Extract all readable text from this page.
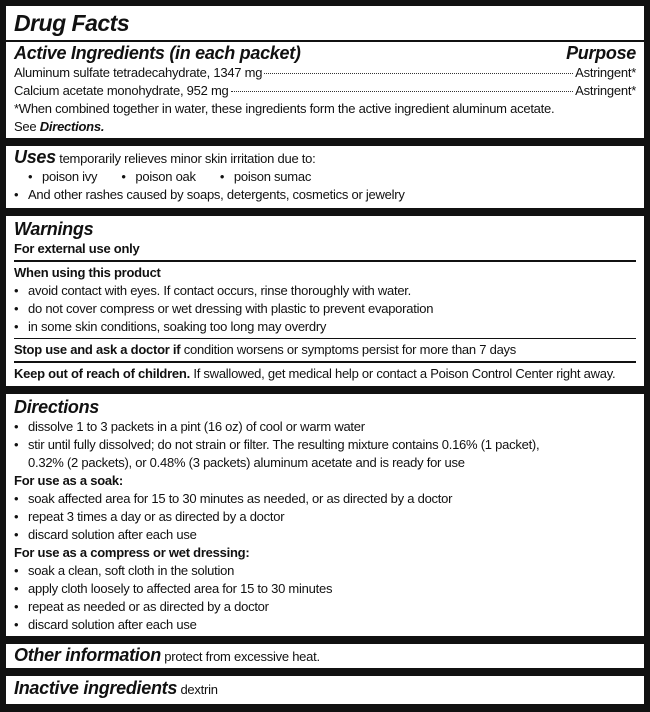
Drug Facts
Active Ingredients (in each packet)	Purpose
Aluminum sulfate tetradecahydrate, 1347 mg	Astringent*
Calcium acetate monohydrate, 952 mg	Astringent*
*When combined together in water, these ingredients form the active ingredient aluminum acetate.
See Directions.
Uses temporarily relieves minor skin irritation due to:
• poison ivy	• poison oak	• poison sumac
• And other rashes caused by soaps, detergents, cosmetics or jewelry
Warnings
For external use only
When using this product
• avoid contact with eyes. If contact occurs, rinse thoroughly with water.
• do not cover compress or wet dressing with plastic to prevent evaporation
• in some skin conditions, soaking too long may overdry
Stop use and ask a doctor if condition worsens or symptoms persist for more than 7 days
Keep out of reach of children. If swallowed, get medical help or contact a Poison Control Center right away.
Directions
• dissolve 1 to 3 packets in a pint (16 oz) of cool or warm water
• stir until fully dissolved; do not strain or filter. The resulting mixture contains 0.16% (1 packet), 0.32% (2 packets), or 0.48% (3 packets) aluminum acetate and is ready for use
For use as a soak:
• soak affected area for 15 to 30 minutes as needed, or as directed by a doctor
• repeat 3 times a day or as directed by a doctor
• discard solution after each use
For use as a compress or wet dressing:
• soak a clean, soft cloth in the solution
• apply cloth loosely to affected area for 15 to 30 minutes
• repeat as needed or as directed by a doctor
• discard solution after each use
Other information protect from excessive heat.
Inactive ingredients dextrin
